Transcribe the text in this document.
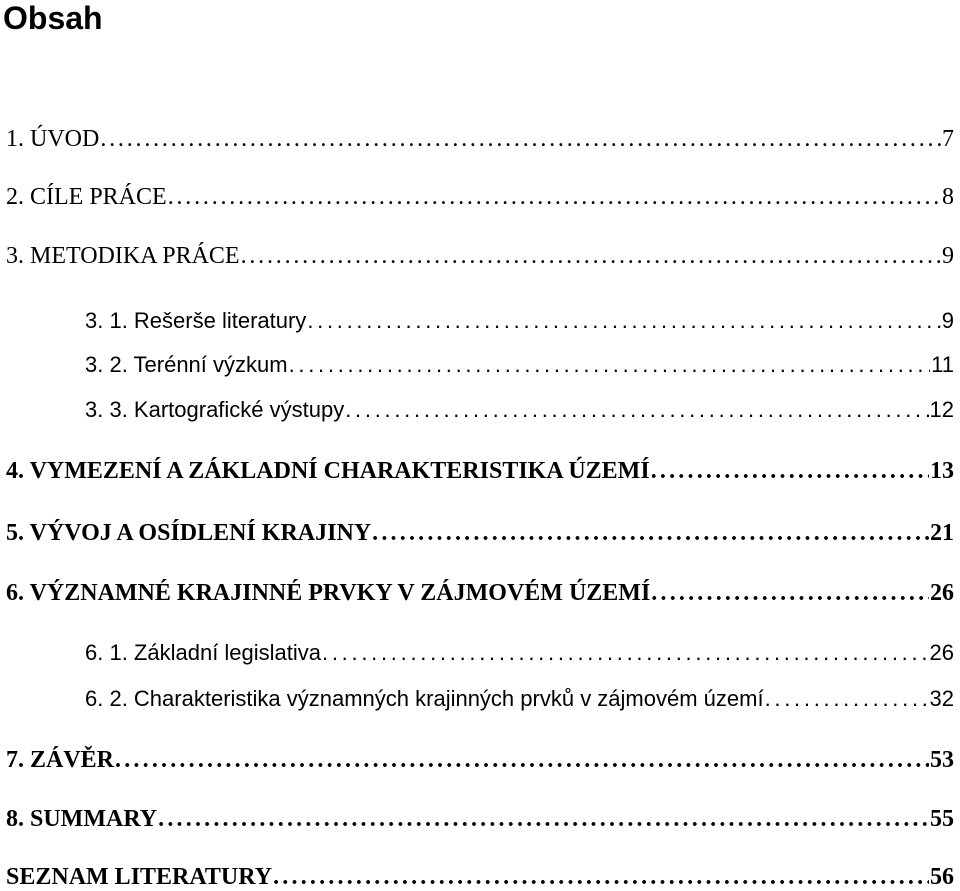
Obsah
1. ÚVOD . . .	7
2. CÍLE PRÁCE . . .	8
3. METODIKA PRÁCE . . .	9
3. 1. Rešerše literatury . . .	9
3. 2. Terénní výzkum . . .	11
3. 3. Kartografické výstupy . . .	12
4. VYMEZENÍ A ZÁKLADNÍ CHARAKTERISTIKA ÚZEMÍ . . .	13
5. VÝVOJ A OSÍDLENÍ KRAJINY . . .	21
6. VÝZNAMNÉ KRAJINNÉ PRVKY V ZÁJMOVÉM ÚZEMÍ . . .	26
6. 1. Základní legislativa . . .	26
6. 2. Charakteristika významných krajinných prvků v zájmovém území . . .	32
7. ZÁVĚR . . .	53
8. SUMMARY . . .	55
SEZNAM LITERATURY . . .	56
